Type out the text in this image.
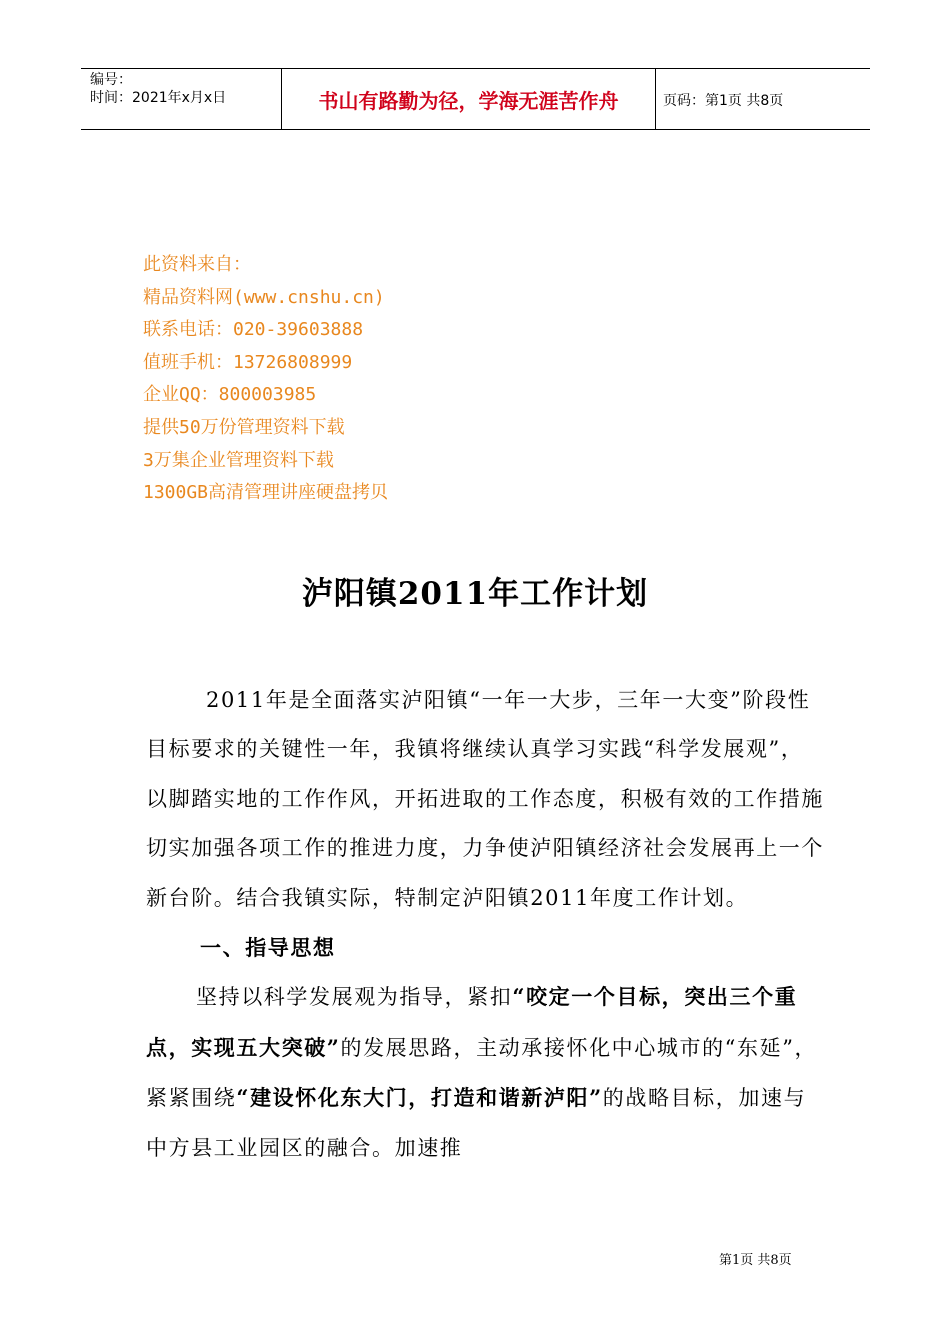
编号：
时间：2021年x月x日	书山有路勤为径，学海无涯苦作舟	页码：第1页 共8页
此资料来自：
精品资料网(www.cnshu.cn)
联系电话：020-39603888
值班手机：13726808999
企业QQ：800003985
提供50万份管理资料下载
3万集企业管理资料下载
1300GB高清管理讲座硬盘拷贝
泸阳镇2011年工作计划

2011年是全面落实泸阳镇“一年一大步，三年一大变”阶段性目标要求的关键性一年，我镇将继续认真学习实践“科学发展观”，以脚踏实地的工作作风，开拓进取的工作态度，积极有效的工作措施切实加强各项工作的推进力度，力争使泸阳镇经济社会发展再上一个新台阶。结合我镇实际，特制定泸阳镇2011年度工作计划。

一、指导思想

坚持以科学发展观为指导，紧扣“咬定一个目标，突出三个重点，实现五大突破”的发展思路，主动承接怀化中心城市的“东延”，紧紧围绕“建设怀化东大门，打造和谐新泸阳”的战略目标，加速与中方县工业园区的融合。加速推

第1页 共8页
